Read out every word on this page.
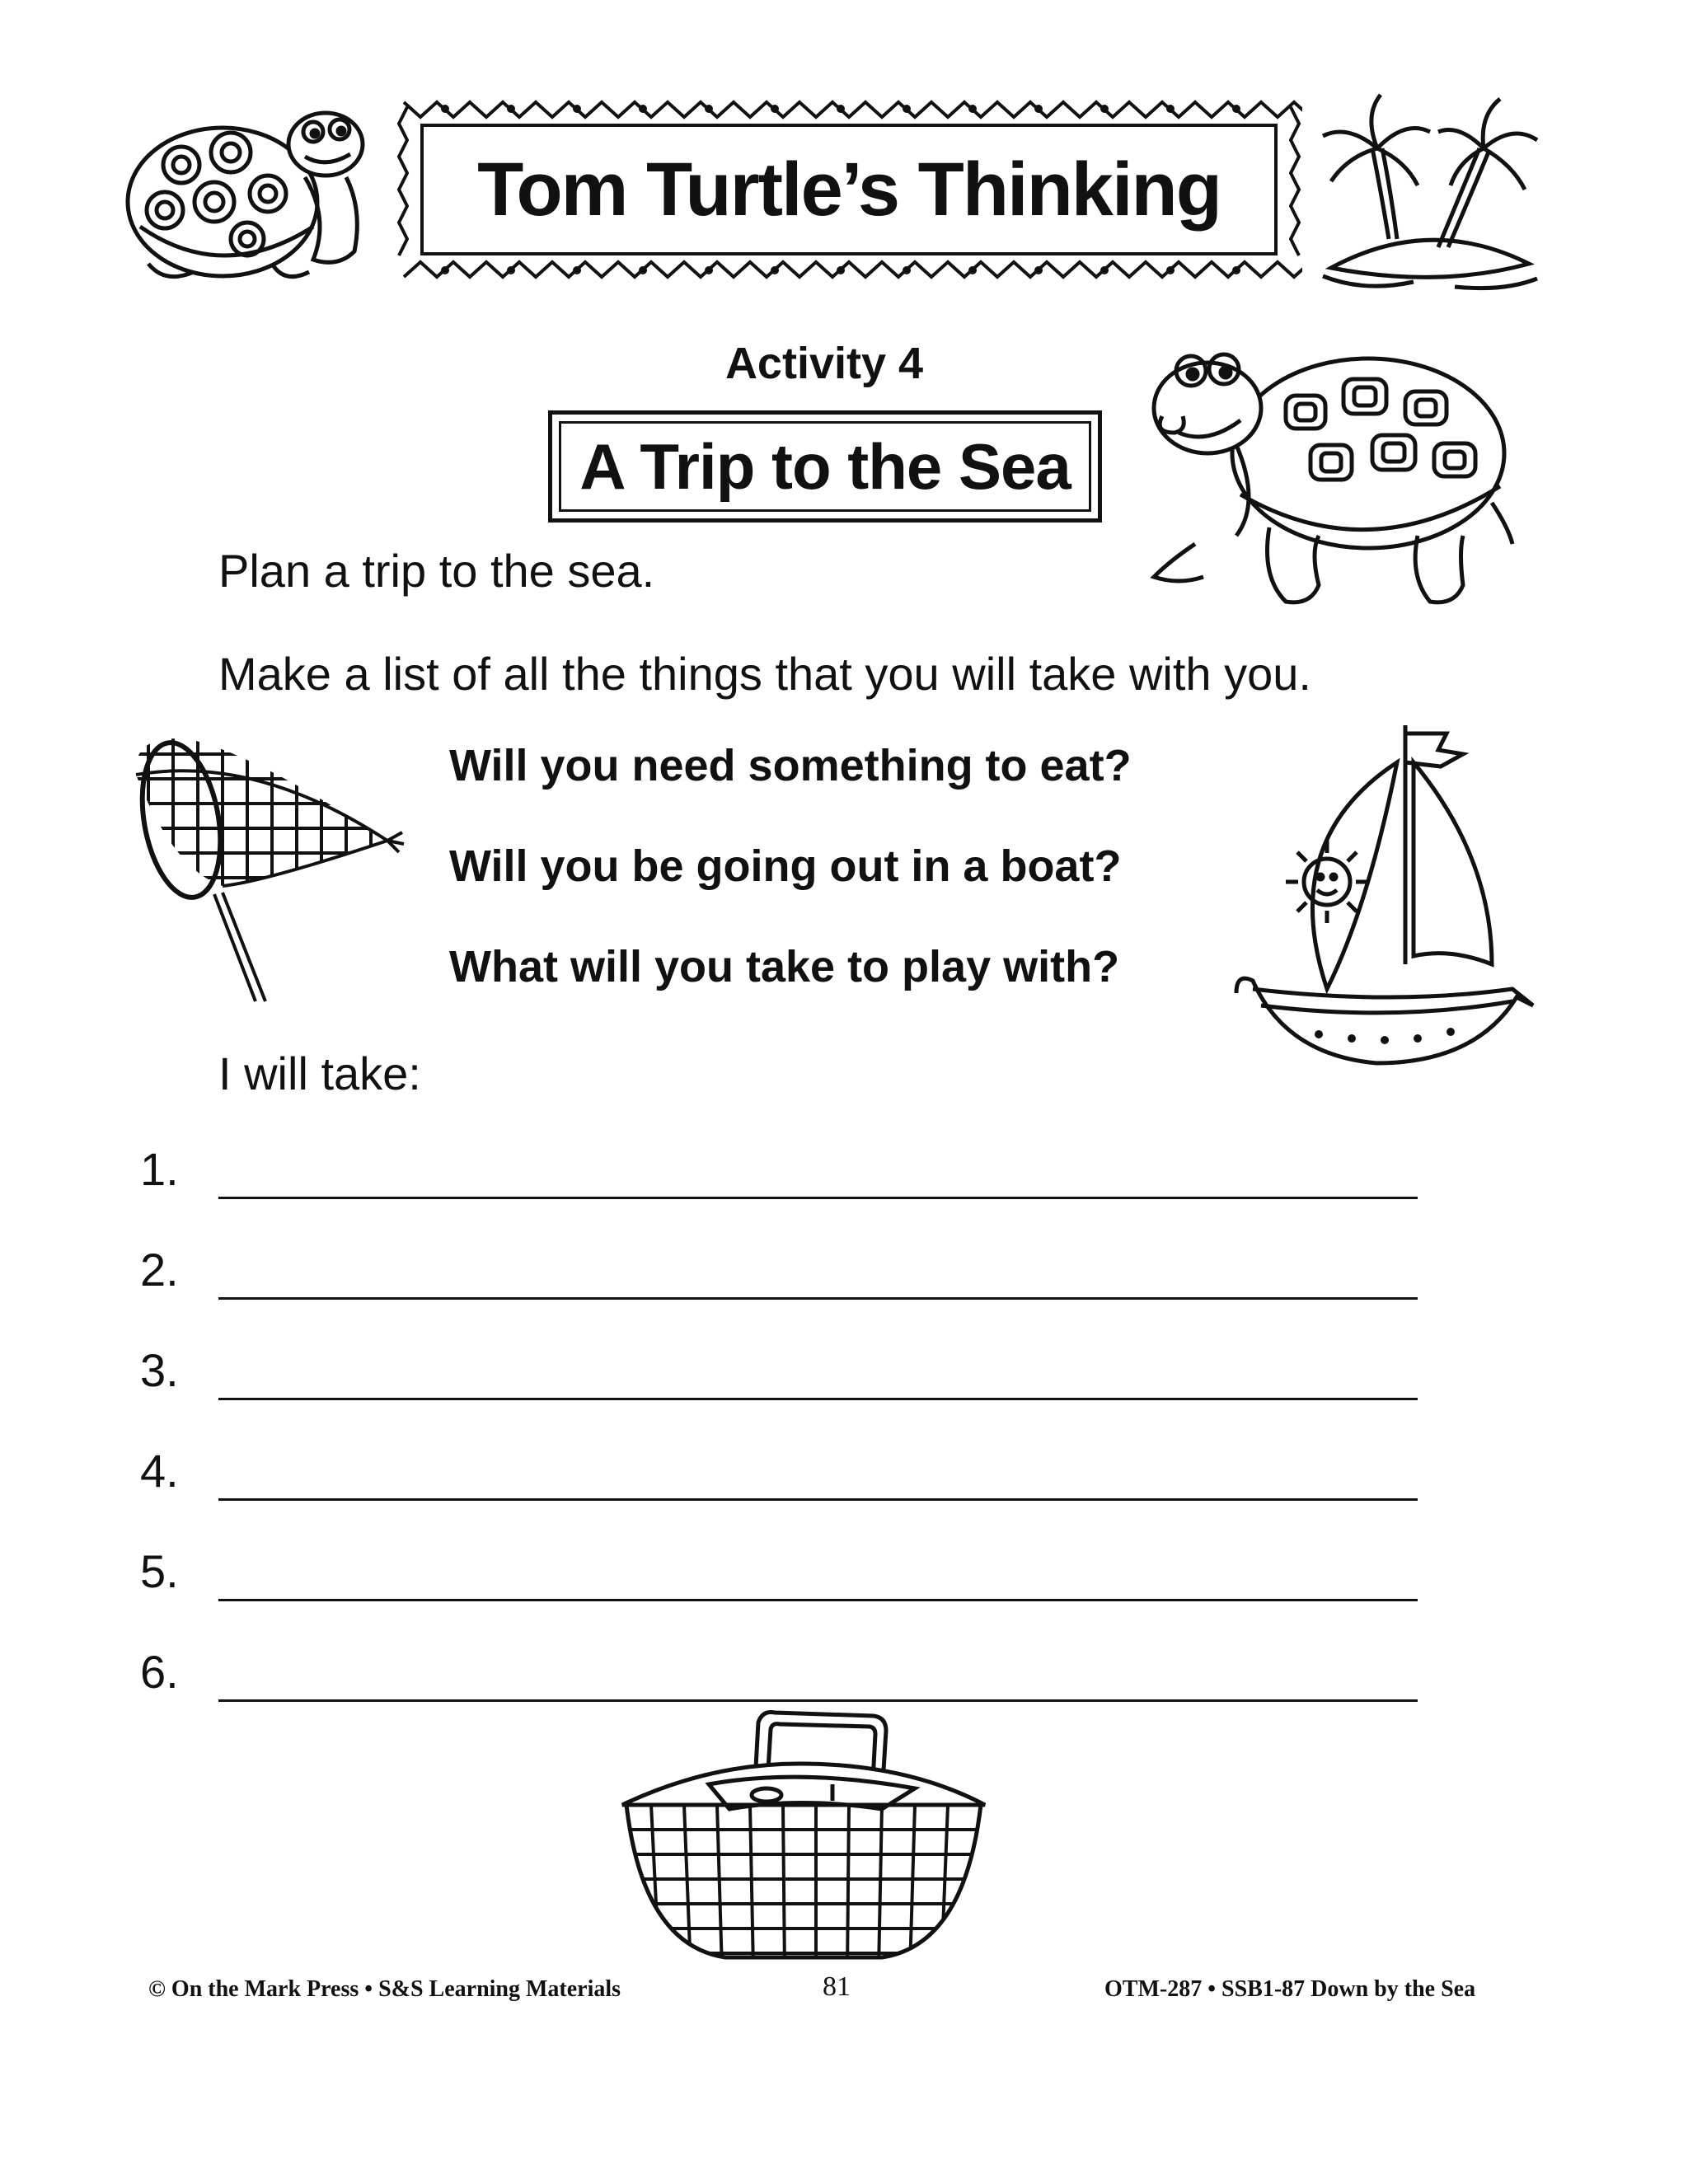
Tom Turtle’s Thinking
Activity 4
A Trip to the Sea
Plan a trip to the sea.
Make a list of all the things that you will take with you.
Will you need something to eat?
Will you be going out in a boat?
What will you take to play with?
I will take:
1.
2.
3.
4.
5.
6.
© On the Mark Press • S&S Learning Materials	81	OTM-287 • SSB1-87 Down by the Sea
